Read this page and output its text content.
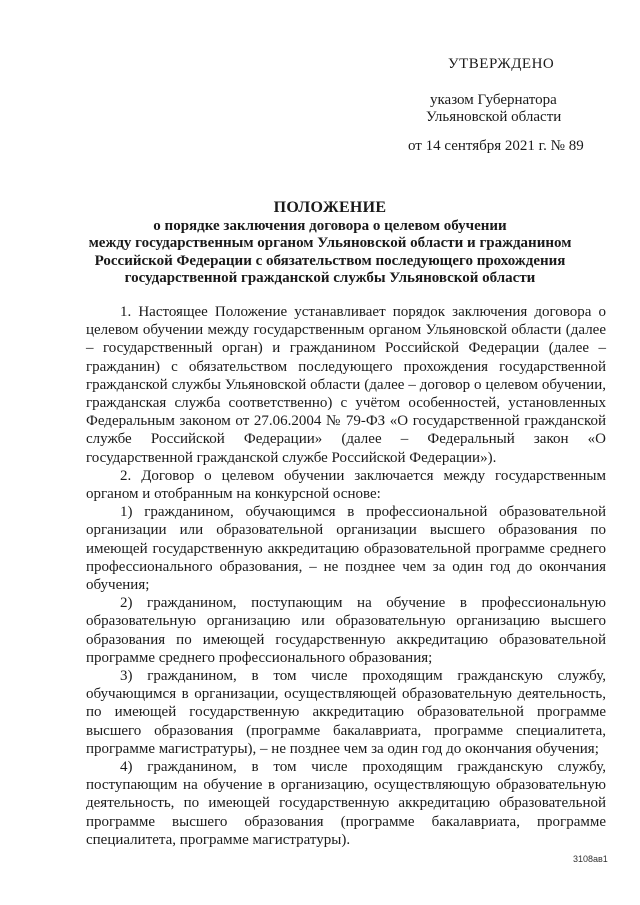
УТВЕРЖДЕНО
указом Губернатора
Ульяновской области
от 14 сентября 2021 г. № 89
ПОЛОЖЕНИЕ
о порядке заключения договора о целевом обучении
между государственным органом Ульяновской области и гражданином
Российской Федерации с обязательством последующего прохождения
государственной гражданской службы Ульяновской области

1. Настоящее Положение устанавливает порядок заключения договора о целевом обучении между государственным органом Ульяновской области (далее – государственный орган) и гражданином Российской Федерации (далее – гражданин) с обязательством последующего прохождения государственной гражданской службы Ульяновской области (далее – договор о целевом обучении, гражданская служба соответственно) с учётом особенностей, установленных Федеральным законом от 27.06.2004 № 79-ФЗ «О государственной гражданской службе Российской Федерации» (далее – Федеральный закон «О государственной гражданской службе Российской Федерации»).

2. Договор о целевом обучении заключается между государственным органом и отобранным на конкурсной основе:

1) гражданином, обучающимся в профессиональной образовательной организации или образовательной организации высшего образования по имеющей государственную аккредитацию образовательной программе среднего профессионального образования, – не позднее чем за один год до окончания обучения;

2) гражданином, поступающим на обучение в профессиональную образовательную организацию или образовательную организацию высшего образования по имеющей государственную аккредитацию образовательной программе среднего профессионального образования;

3) гражданином, в том числе проходящим гражданскую службу, обучающимся в организации, осуществляющей образовательную деятельность, по имеющей государственную аккредитацию образовательной программе высшего образования (программе бакалавриата, программе специалитета, программе магистратуры), – не позднее чем за один год до окончания обучения;

4) гражданином, в том числе проходящим гражданскую службу, поступающим на обучение в организацию, осуществляющую образовательную деятельность, по имеющей государственную аккредитацию образовательной программе высшего образования (программе бакалавриата, программе специалитета, программе магистратуры).

3108ав1
